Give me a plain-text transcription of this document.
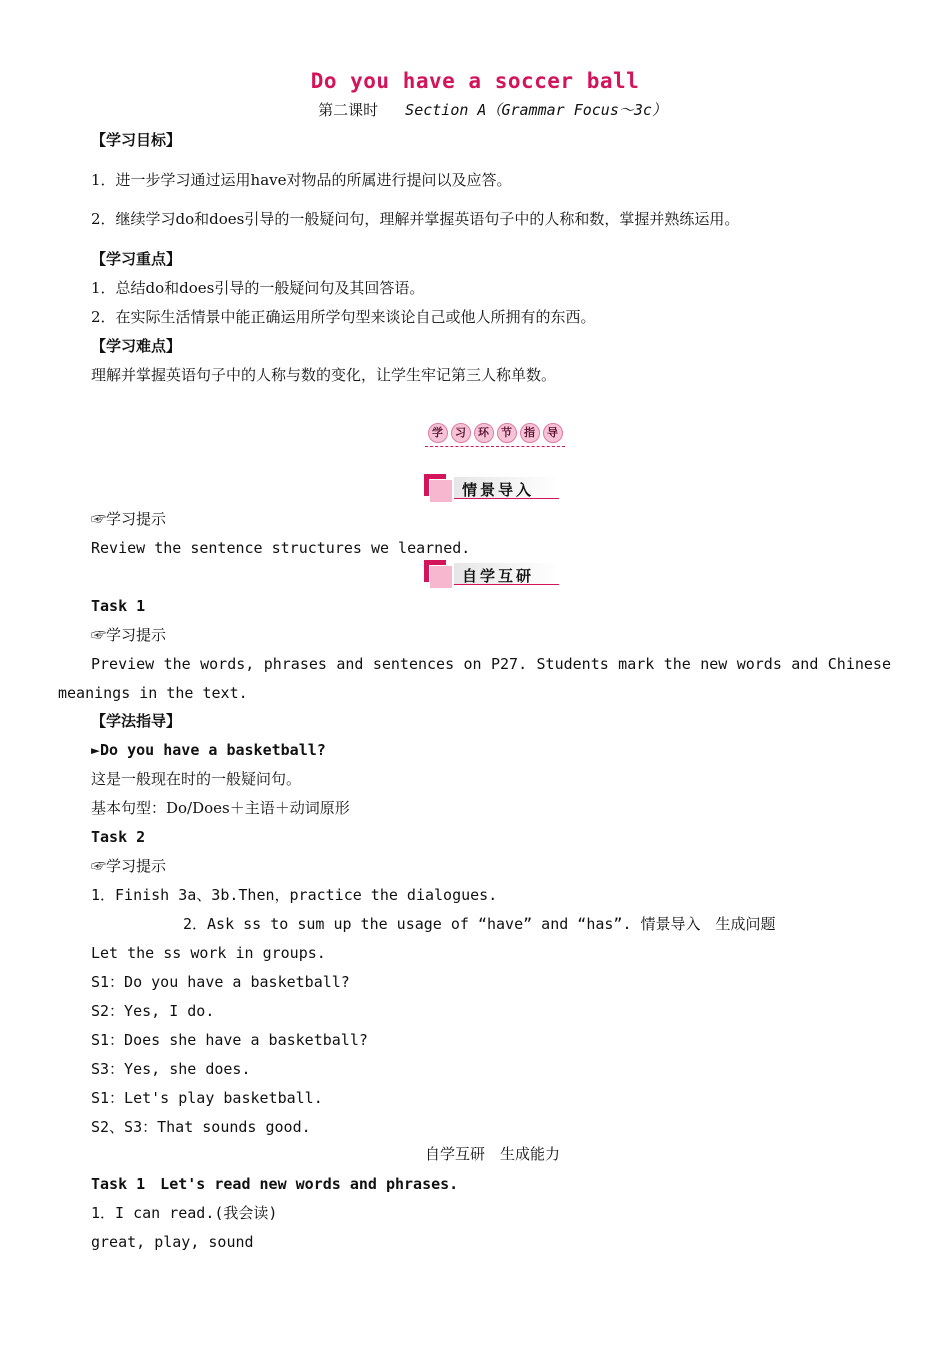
Do you have a soccer ball
第二课时 Section A（Grammar Focus～3c）
【学习目标】
1．进一步学习通过运用have对物品的所属进行提问以及应答。
2．继续学习do和does引导的一般疑问句，理解并掌握英语句子中的人称和数，掌握并熟练运用。
【学习重点】
1．总结do和does引导的一般疑问句及其回答语。
2．在实际生活情景中能正确运用所学句型来谈论自己或他人所拥有的东西。
【学习难点】
理解并掌握英语句子中的人称与数的变化，让学生牢记第三人称单数。
学	习	环	节	指	导
情景导入
☞学习提示
Review the sentence structures we learned.
自学互研
Task 1
☞学习提示
Preview the words, phrases and sentences on P27. Students mark the new words and Chinese
meanings in the text.
【学法指导】
►Do you have a basketball?
这是一般现在时的一般疑问句。
基本句型：Do/Does＋主语＋动词原形
Task 2
☞学习提示
1．Finish 3a、3b.Then，practice the dialogues.
2．Ask ss to sum up the usage of “have” and “has”. 情景导入　生成问题
Let the ss work in groups.
S1：Do you have a basketball?
S2：Yes, I do.
S1：Does she have a basketball?
S3：Yes, she does.
S1：Let's play basketball.
S2、S3：That sounds good.
自学互研　生成能力
Task 1　Let's read new words and phrases.
1．I can read.(我会读)
great, play, sound
